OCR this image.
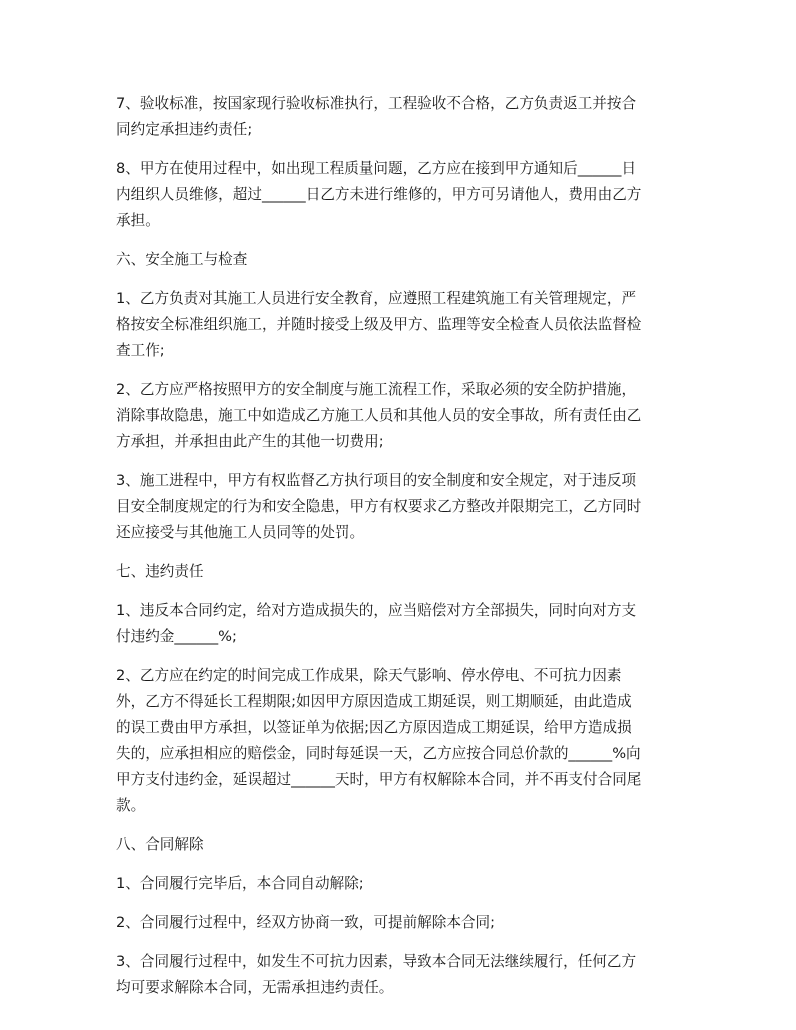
7、验收标准，按国家现行验收标准执行，工程验收不合格，乙方负责返工并按合
同约定承担违约责任;
8、甲方在使用过程中，如出现工程质量问题，乙方应在接到甲方通知后______日
内组织人员维修，超过______日乙方未进行维修的，甲方可另请他人，费用由乙方
承担。
六、安全施工与检查
1、乙方负责对其施工人员进行安全教育，应遵照工程建筑施工有关管理规定，严
格按安全标准组织施工，并随时接受上级及甲方、监理等安全检查人员依法监督检
查工作;
2、乙方应严格按照甲方的安全制度与施工流程工作，采取必须的安全防护措施，
消除事故隐患，施工中如造成乙方施工人员和其他人员的安全事故，所有责任由乙
方承担，并承担由此产生的其他一切费用;
3、施工进程中，甲方有权监督乙方执行项目的安全制度和安全规定，对于违反项
目安全制度规定的行为和安全隐患，甲方有权要求乙方整改并限期完工，乙方同时
还应接受与其他施工人员同等的处罚。
七、违约责任
1、违反本合同约定，给对方造成损失的，应当赔偿对方全部损失，同时向对方支
付违约金______%;
2、乙方应在约定的时间完成工作成果，除天气影响、停水停电、不可抗力因素
外，乙方不得延长工程期限;如因甲方原因造成工期延误，则工期顺延，由此造成
的误工费由甲方承担，以签证单为依据;因乙方原因造成工期延误，给甲方造成损
失的，应承担相应的赔偿金，同时每延误一天，乙方应按合同总价款的______%向
甲方支付违约金，延误超过______天时，甲方有权解除本合同，并不再支付合同尾
款。
八、合同解除
1、合同履行完毕后，本合同自动解除;
2、合同履行过程中，经双方协商一致，可提前解除本合同;
3、合同履行过程中，如发生不可抗力因素，导致本合同无法继续履行，任何乙方
均可要求解除本合同，无需承担违约责任。
